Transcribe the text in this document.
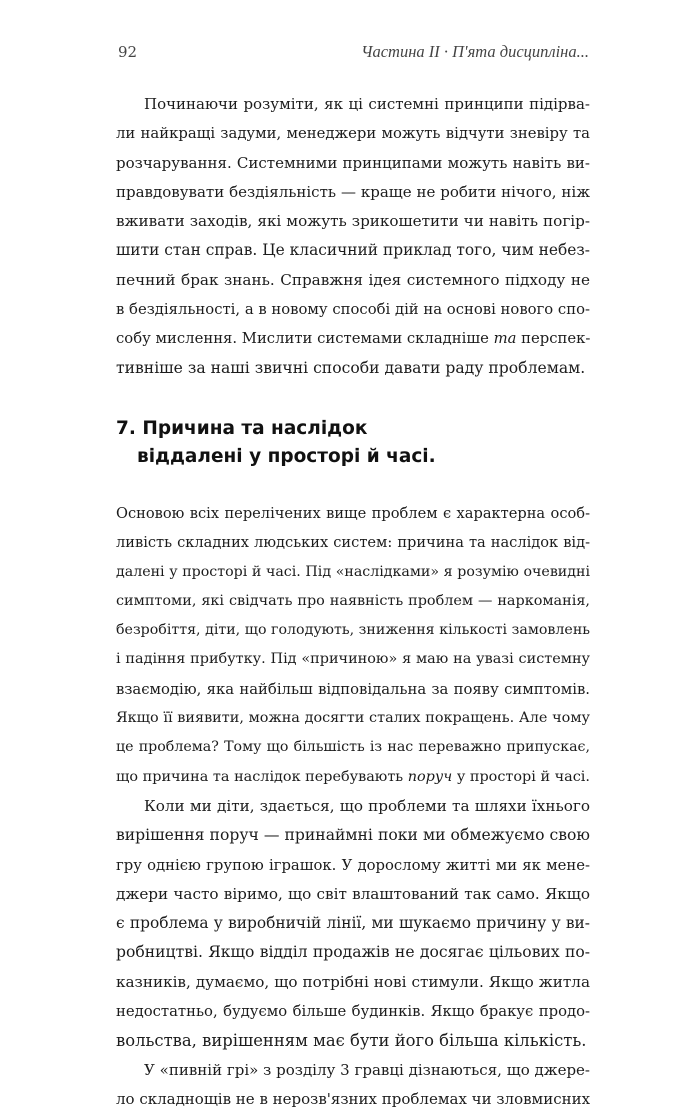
92	Частина II · П'ята дисципліна...
Починаючи розуміти, як ці системні принципи підірва-
ли найкращі задуми, менеджери можуть відчути зневіру та
розчарування. Системними принципами можуть навіть ви-
правдовувати бездіяльність — краще не робити нічого, ніж
вживати заходів, які можуть зрикошетити чи навіть погір-
шити стан справ. Це класичний приклад того, чим небез-
печний брак знань. Справжня ідея системного підходу не
в бездіяльності, а в новому способі дій на основі нового спо-
собу мислення. Мислити системами складніше та перспек-
тивніше за наші звичні способи давати раду проблемам.
7. Причина та наслідок
віддалені у просторі й часі.
Основою всіх перелічених вище проблем є характерна особ-
ливість складних людських систем: причина та наслідок від-
далені у просторі й часі. Під «наслідками» я розумію очевидні
симптоми, які свідчать про наявність проблем — наркоманія,
безробіття, діти, що голодують, зниження кількості замовлень
і падіння прибутку. Під «причиною» я маю на увазі системну
взаємодію, яка найбільш відповідальна за появу симптомів.
Якщо її виявити, можна досягти сталих покращень. Але чому
це проблема? Тому що більшість із нас переважно припускає,
що причина та наслідок перебувають поруч у просторі й часі.
Коли ми діти, здається, що проблеми та шляхи їхнього
вирішення поруч — принаймні поки ми обмежуємо свою
гру однією групою іграшок. У дорослому житті ми як мене-
джери часто віримо, що світ влаштований так само. Якщо
є проблема у виробничій лінії, ми шукаємо причину у ви-
робництві. Якщо відділ продажів не досягає цільових по-
казників, думаємо, що потрібні нові стимули. Якщо житла
недостатньо, будуємо більше будинків. Якщо бракує продо-
вольства, вирішенням має бути його більша кількість.
У «пивній грі» з розділу 3 гравці дізнаються, що джере-
ло складнощів не в нерозв'язних проблемах чи зловмисних
